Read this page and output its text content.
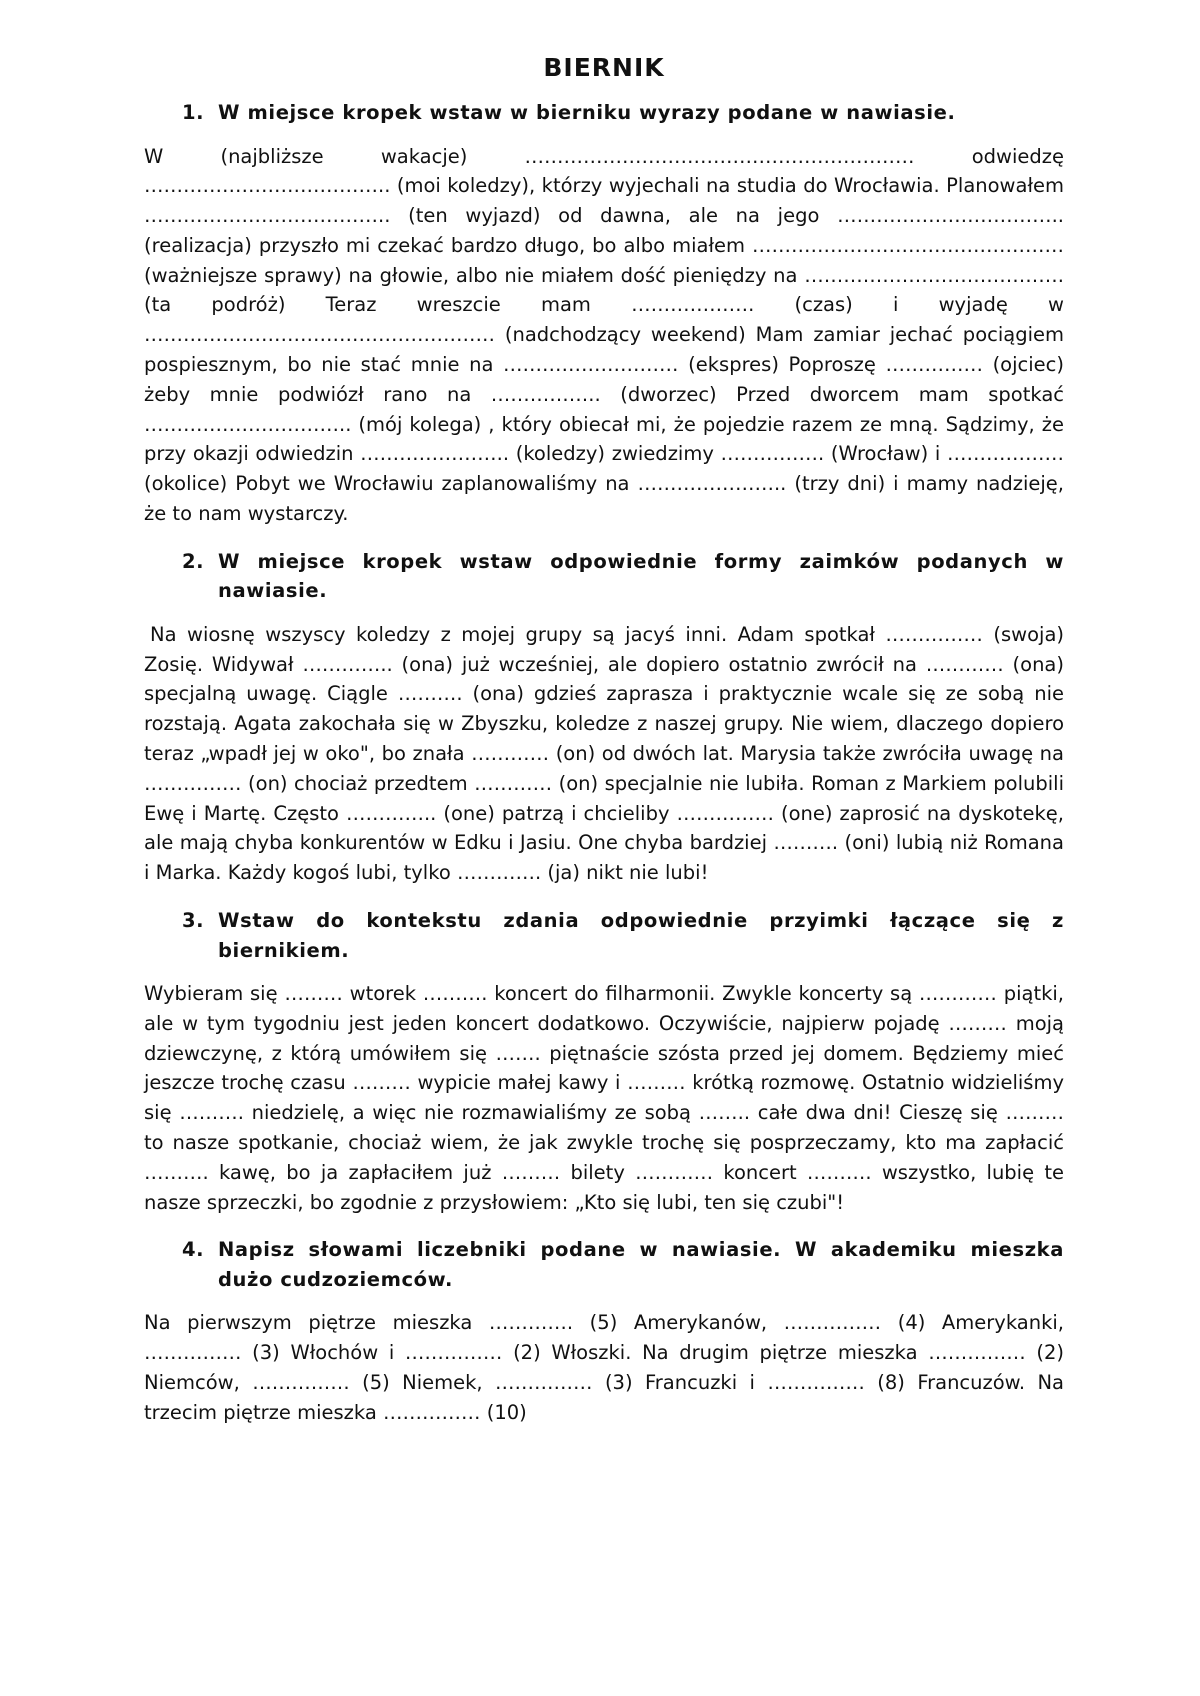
BIERNIK
1. W miejsce kropek wstaw w bierniku wyrazy podane w nawiasie.

W (najbliższe wakacje) …………………………………………………… odwiedzę ……………………………….. (moi koledzy), którzy wyjechali na studia do Wrocławia. Planowałem ……………………………….. (ten wyjazd) od dawna, ale na jego …………………………….. (realizacja) przyszło mi czekać bardzo długo, bo albo miałem ………………………………………… (ważniejsze sprawy) na głowie, albo nie miałem dość pieniędzy na …………………………………. (ta podróż) Teraz wreszcie mam ………………. (czas) i wyjadę w ……………………………………………… (nadchodzący weekend) Mam zamiar jechać pociągiem pospiesznym, bo nie stać mnie na ……………………… (ekspres) Poproszę …………… (ojciec) żeby mnie podwiózł rano na …………….. (dworzec) Przed dworcem mam spotkać ………………………….. (mój kolega) , który obiecał mi, że pojedzie razem ze mną. Sądzimy, że przy okazji odwiedzin ………………….. (koledzy) zwiedzimy ……………. (Wrocław) i ……………… (okolice) Pobyt we Wrocławiu zaplanowaliśmy na ………………….. (trzy dni) i mamy nadzieję, że to nam wystarczy.

2. W miejsce kropek wstaw odpowiednie formy zaimków podanych w nawiasie.

Na wiosnę wszyscy koledzy z mojej grupy są jacyś inni. Adam spotkał …………… (swoja) Zosię. Widywał ………….. (ona) już wcześniej, ale dopiero ostatnio zwrócił na ………… (ona) specjalną uwagę. Ciągle ………. (ona) gdzieś zaprasza i praktycznie wcale się ze sobą nie rozstają. Agata zakochała się w Zbyszku, koledze z naszej grupy. Nie wiem, dlaczego dopiero teraz „wpadł jej w oko", bo znała ………… (on) od dwóch lat. Marysia także zwróciła uwagę na …………… (on) chociaż przedtem ………… (on) specjalnie nie lubiła. Roman z Markiem polubili Ewę i Martę. Często ………….. (one) patrzą i chcieliby …………… (one) zaprosić na dyskotekę, ale mają chyba konkurentów w Edku i Jasiu. One chyba bardziej ………. (oni) lubią niż Romana i Marka. Każdy kogoś lubi, tylko …………. (ja) nikt nie lubi!

3. Wstaw do kontekstu zdania odpowiednie przyimki łączące się z biernikiem.

Wybieram się ……… wtorek ………. koncert do filharmonii. Zwykle koncerty są ………… piątki, ale w tym tygodniu jest jeden koncert dodatkowo. Oczywiście, najpierw pojadę ……… moją dziewczynę, z którą umówiłem się ……. piętnaście szósta przed jej domem. Będziemy mieć jeszcze trochę czasu ……… wypicie małej kawy i ……… krótką rozmowę. Ostatnio widzieliśmy się ………. niedzielę, a więc nie rozmawialiśmy ze sobą …….. całe dwa dni! Cieszę się ……… to nasze spotkanie, chociaż wiem, że jak zwykle trochę się posprzeczamy, kto ma zapłacić ………. kawę, bo ja zapłaciłem już ……… bilety ………… koncert ………. wszystko, lubię te nasze sprzeczki, bo zgodnie z przysłowiem: „Kto się lubi, ten się czubi"!

4. Napisz słowami liczebniki podane w nawiasie. W akademiku mieszka dużo cudzoziemców.

Na pierwszym piętrze mieszka …………. (5) Amerykanów, …………… (4) Amerykanki, …………… (3) Włochów i …………… (2) Włoszki. Na drugim piętrze mieszka …………… (2) Niemców, …………… (5) Niemek, …………… (3) Francuzki i …………… (8) Francuzów. Na trzecim piętrze mieszka …………… (10)
